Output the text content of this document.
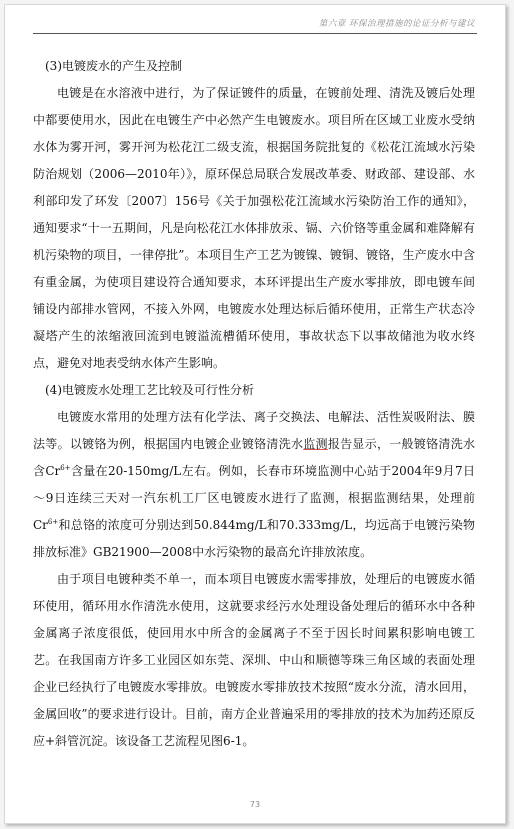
第六章 环保治理措施的论证分析与建议

(3)电镀废水的产生及控制

电镀是在水溶液中进行，为了保证镀件的质量，在镀前处理、清洗及镀后处理中都要使用水，因此在电镀生产中必然产生电镀废水。项目所在区域工业废水受纳水体为雾开河，雾开河为松花江二级支流，根据国务院批复的《松花江流域水污染防治规划（2006—2010年）》，原环保总局联合发展改革委、财政部、建设部、水利部印发了环发〔2007〕156号《关于加强松花江流域水污染防治工作的通知》，通知要求“十一五期间，凡是向松花江水体排放汞、镉、六价铬等重金属和难降解有机污染物的项目，一律停批”。本项目生产工艺为镀镍、镀铜、镀铬，生产废水中含有重金属，为使项目建设符合通知要求，本环评提出生产废水零排放，即电镀车间铺设内部排水管网，不接入外网，电镀废水处理达标后循环使用，正常生产状态冷凝塔产生的浓缩液回流到电镀溢流槽循环使用，事故状态下以事故储池为收水终点，避免对地表受纳水体产生影响。

(4)电镀废水处理工艺比较及可行性分析

电镀废水常用的处理方法有化学法、离子交换法、电解法、活性炭吸附法、膜法等。以镀铬为例，根据国内电镀企业镀铬清洗水监测报告显示，一般镀铬清洗水含$Cr^{6+}$含量在20-150mg/L左右。例如，长春市环境监测中心站于2004年9月7日～9日连续三天对一汽东机工厂区电镀废水进行了监测，根据监测结果，处理前$Cr^{6+}$和总铬的浓度可分别达到50.844mg/L和70.333mg/L，均远高于电镀污染物排放标准》GB21900—2008中水污染物的最高允许排放浓度。

由于项目电镀种类不单一，而本项目电镀废水需零排放，处理后的电镀废水循环使用，循环用水作清洗水使用，这就要求经污水处理设备处理后的循环水中各种金属离子浓度很低，使回用水中所含的金属离子不至于因长时间累积影响电镀工艺。在我国南方许多工业园区如东莞、深圳、中山和顺德等珠三角区域的表面处理企业已经执行了电镀废水零排放。电镀废水零排放技术按照“废水分流，清水回用，金属回收”的要求进行设计。目前，南方企业普遍采用的零排放的技术为加药还原反应+斜管沉淀。该设备工艺流程见图6-1。

73
